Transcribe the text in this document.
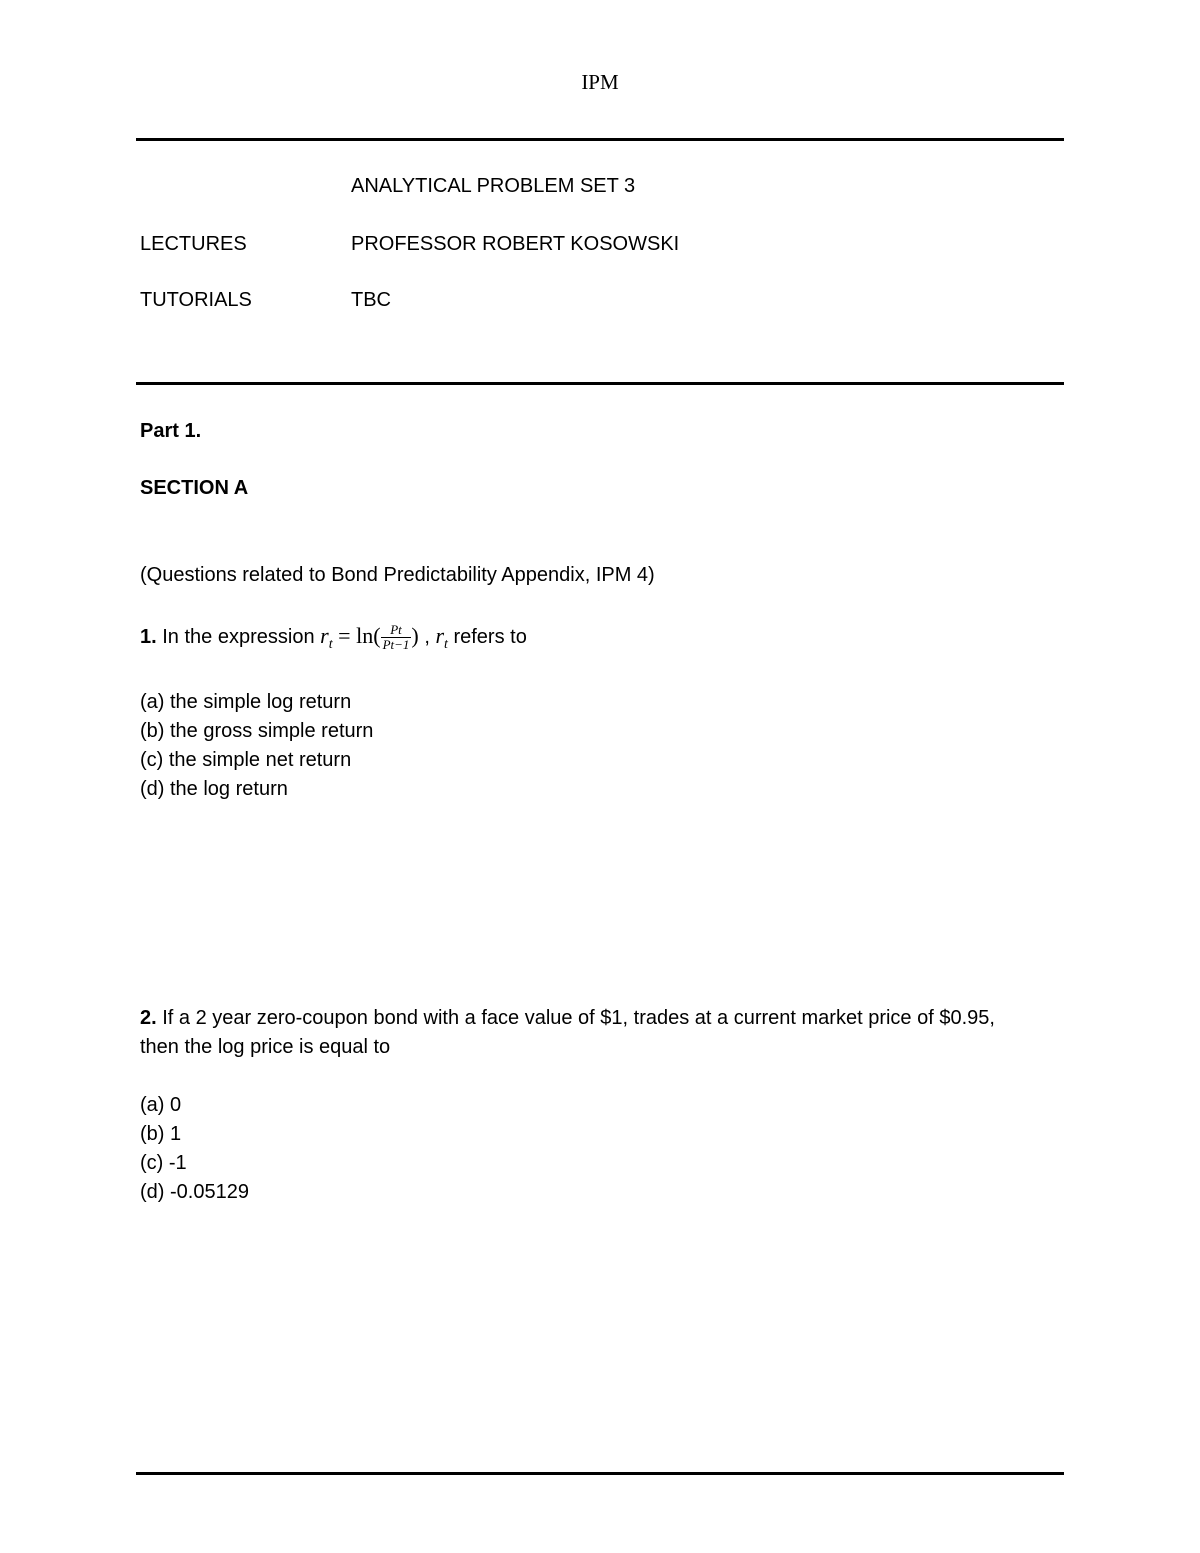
IPM
ANALYTICAL PROBLEM SET 3
LECTURES	PROFESSOR ROBERT KOSOWSKI
TUTORIALS	TBC
Part 1.
SECTION A
(Questions related to Bond Predictability Appendix, IPM 4)
1. In the expression $r_t = \ln( \frac{Pt}{Pt-1}$ ) , $r_t$ refers to
(a) the simple log return
(b) the gross simple return
(c) the simple net return
(d) the log return
2. If a 2 year zero-coupon bond with a face value of $1, trades at a current market price of $0.95,
then the log price is equal to
(a) 0
(b) 1
(c) -1
(d) -0.05129
